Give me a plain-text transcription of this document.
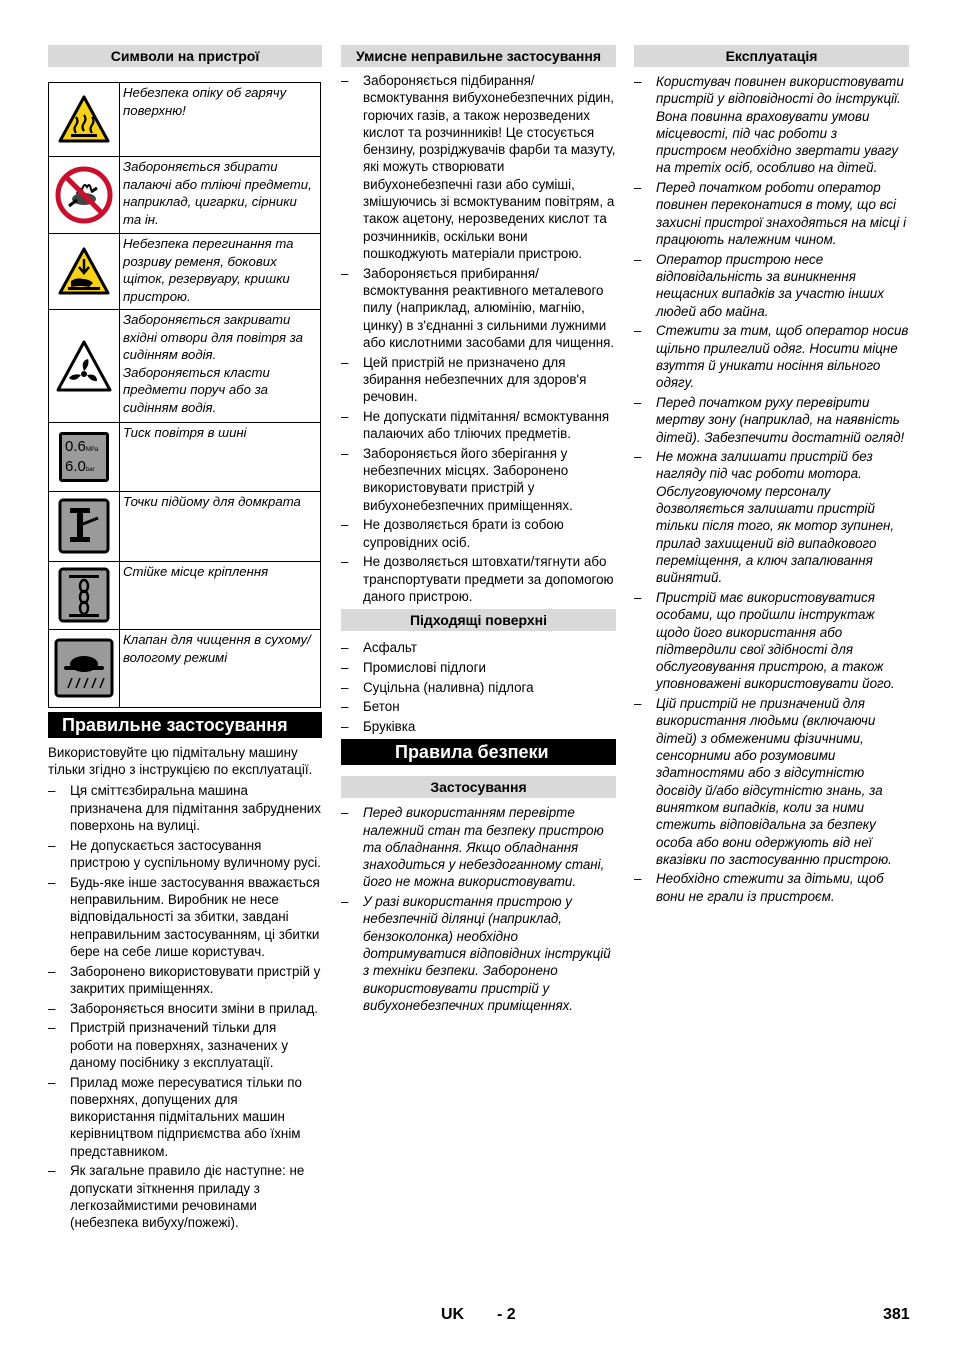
Символи на пристрої
	Небезпека опіку об гарячу поверхню!

	Забороняється збирати палаючі або тліючі предмети, наприклад, цигарки, сірники та ін.

	Небезпека перегинання та розриву ременя, бокових щіток, резервуару, кришки пристрою.

	Забороняється закривати вхідні отвори для повітря за сидінням водія. Забороняється класти предмети поруч або за сидінням водія.

0.6MPa
6.0bar	Тиск повітря в шині

	Точки підйому для домкрата

	Стійке місце кріплення

	Клапан для чищення в сухому/вологому режимі
Правильне застосування

Використовуйте цю підмітальну машину тільки згідно з інструкцією по експлуатації.

– Ця сміттєзбиральна машина призначена для підмітання забруднених поверхонь на вулиці.
– Не допускається застосування пристрою у суспільному вуличному русі.
– Будь-яке інше застосування вважається неправильним. Виробник не несе відповідальності за збитки, завдані неправильним застосуванням, ці збитки бере на себе лише користувач.
– Заборонено використовувати пристрій у закритих приміщеннях.
– Забороняється вносити зміни в прилад.
– Пристрій призначений тільки для роботи на поверхнях, зазначених у даному посібнику з експлуатації.
– Прилад може пересуватися тільки по поверхнях, допущених для використання підмітальних машин керівництвом підприємства або їхнім представником.
– Як загальне правило діє наступне: не допускати зіткнення приладу з легкозаймистими речовинами (небезпека вибуху/пожежі).
Умисне неправильне застосування
– Забороняється підбирання/ всмоктування вибухонебезпечних рідин, горючих газів, а також нерозведених кислот та розчинників! Це стосується бензину, розріджувачів фарби та мазуту, які можуть створювати вибухонебезпечні гази або суміші, змішуючись зі всмоктуваним повітрям, а також ацетону, нерозведених кислот та розчинників, оскільки вони пошкоджують матеріали пристрою.
– Забороняється прибирання/ всмоктування реактивного металевого пилу (наприклад, алюмінію, магнію, цинку) в з'єднанні з сильними лужними або кислотними засобами для чищення.
– Цей пристрій не призначено для збирання небезпечних для здоров'я речовин.
– Не допускати підмітання/ всмоктування палаючих або тліючих предметів.
– Забороняється його зберігання у небезпечних місцях. Заборонено використовувати пристрій у вибухонебезпечних приміщеннях.
– Не дозволяється брати із собою супровідних осіб.
– Не дозволяється штовхати/тягнути або транспортувати предмети за допомогою даного пристрою.
Підходящі поверхні
– Асфальт
– Промислові підлоги
– Суцільна (наливна) підлога
– Бетон
– Бруківка
Правила безпеки
Застосування
– Перед використанням перевірте належний стан та безпеку пристрою та обладнання. Якщо обладнання знаходиться у небездоганному стані, його не можна використовувати.
– У разі використання пристрою у небезпечній ділянці (наприклад, бензоколонка) необхідно дотримуватися відповідних інструкцій з техніки безпеки. Заборонено використовувати пристрій у вибухонебезпечних приміщеннях.
Експлуатація
– Користувач повинен використовувати пристрій у відповідності до інструкції. Вона повинна враховувати умови місцевості, під час роботи з пристроєм необхідно звертати увагу на третіх осіб, особливо на дітей.
– Перед початком роботи оператор повинен переконатися в тому, що всі захисні пристрої знаходяться на місці і працюють належним чином.
– Оператор пристрою несе відповідальність за виникнення нещасних випадків за участю інших людей або майна.
– Стежити за тим, щоб оператор носив щільно прилеглий одяг. Носити міцне взуття й уникати носіння вільного одягу.
– Перед початком руху перевірити мертву зону (наприклад, на наявність дітей). Забезпечити достатній огляд!
– Не можна залишати пристрій без нагляду під час роботи мотора. Обслуговуючому персоналу дозволяється залишати пристрій тільки після того, як мотор зупинен, прилад захищений від випадкового переміщення, а ключ запалювання вийнятий.
– Пристрій має використовуватися особами, що пройшли інструктаж щодо його використання або підтвердили свої здібності для обслуговування пристрою, а також уповноважені використовувати його.
– Цій пристрій не призначений для використання людьми (включаючи дітей) з обмеженими фізичними, сенсорними або розумовими здатностями або з відсутністю досвіду й/або відсутністю знань, за винятком випадків, коли за ними стежить відповідальна за безпеку особа або вони одержують від неї вказівки по застосуванню пристрою.
– Необхідно стежити за дітьми, щоб вони не грали із пристроєм.
UK - 2	381
